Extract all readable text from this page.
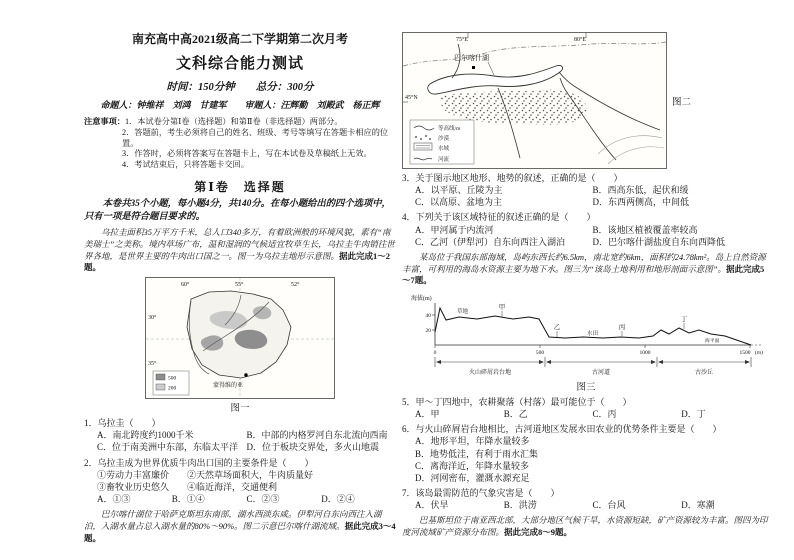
南充高中高2021级高二下学期第二次月考
文科综合能力测试
时间：150分钟　　总分：300分
命题人：钟维祥　刘鸿　甘建军　　审题人：汪辉勤　刘殿武　杨正辉
注意事项：1．本试卷分第Ⅰ卷（选择题）和第Ⅱ卷（非选择题）两部分。
2．答题前，考生必须将自己的姓名、班级、考号等填写在答题卡相应的位置。
3．作答时，必须将答案写在答题卡上，写在本试卷及草稿纸上无效。
4．考试结束后，只将答题卡交回。
第Ⅰ卷　选择题
本卷共35个小题，每小题4分，共140分。在每小题给出的四个选项中，只有一项是符合题目要求的。
乌拉圭面积35万平方千米，总人口340多万，有着欧洲般的环境风貌，素有“南美瑞士”之美称。境内草场广布，温和湿润的气候适宜牧草生长，乌拉圭牛肉销往世界各地，是世界主要的牛肉出口国之一。图一为乌拉圭地形示意图。据此完成1～2题。
60°	55°	52°
30°
35°
蒙得维的亚
500
200
图一
1．乌拉圭（　　）
A．南北跨度约1000千米	B．中部的内格罗河自东北流向西南
C．位于南美洲中东部，东临太平洋 D．位于板块交界处，多火山地震
2．乌拉圭成为世界优质牛肉出口国的主要条件是（　　）
①劳动力丰富廉价　　②天然草场面积大，牛肉质量好
③畜牧业历史悠久　　④临近海洋，交通便利
A．①③	B．①④	C．②③	D．②④
巴尔喀什湖位于哈萨克斯坦东南部，湖水西淡东咸。伊犁河自东向西注入湖泊，入湖水量占总入湖水量的80%～90%。图二示意巴尔喀什湖流域。据此完成3～4题。
75°E	80°E
45°N
巴尔喀什湖
等高线/m
沙漠
水域
河流
图二
3．关于图示地区地形、地势的叙述，正确的是（　　）
A．以平原、丘陵为主	B．西高东低，起伏和缓
C．以高原、盆地为主	D．东西两侧高，中间低
4．下列关于该区域特征的叙述正确的是（　　）
A．甲河属于内流河	B．该地区植被覆盖率较高
C．乙河（伊犁河）自东向西注入湖泊	D．巴尔喀什湖盐度自东向西降低
某岛位于我国东部海域，岛屿东西长约6.5km，南北宽约6km，面积约24.78km²。岛上自然资源丰富，可利用的海岛水资源主要为地下水。图三为“该岛土地利用和地形剖面示意图”。据此完成5～7题。
海拔(m)
40
20
0	500	1000	1500 (m)
海平面
甲
乙	丙
丁
草地
水田
火山碎屑岩台地	古河道	古沙丘
图三
5．甲～丁四地中，农耕聚落（村落）最可能位于（　　）
A．甲	B．乙	C．丙	D．丁
6．与火山碎屑岩台地相比，古河道地区发展水田农业的优势条件主要是（　　）
A．地形平坦，年降水量较多
B．地势低洼，有利于雨水汇集
C．离海洋近，年降水量较多
D．河网密布，灌溉水源充足
7．该岛最需防范的气象灾害是（　　）
A．伏旱	B．洪涝	C．台风	D．寒潮
巴基斯坦位于南亚西北部，大部分地区气候干旱，水资源短缺，矿产资源较为丰富。图四为印度河流域矿产资源分布图。据此完成8～9题。
